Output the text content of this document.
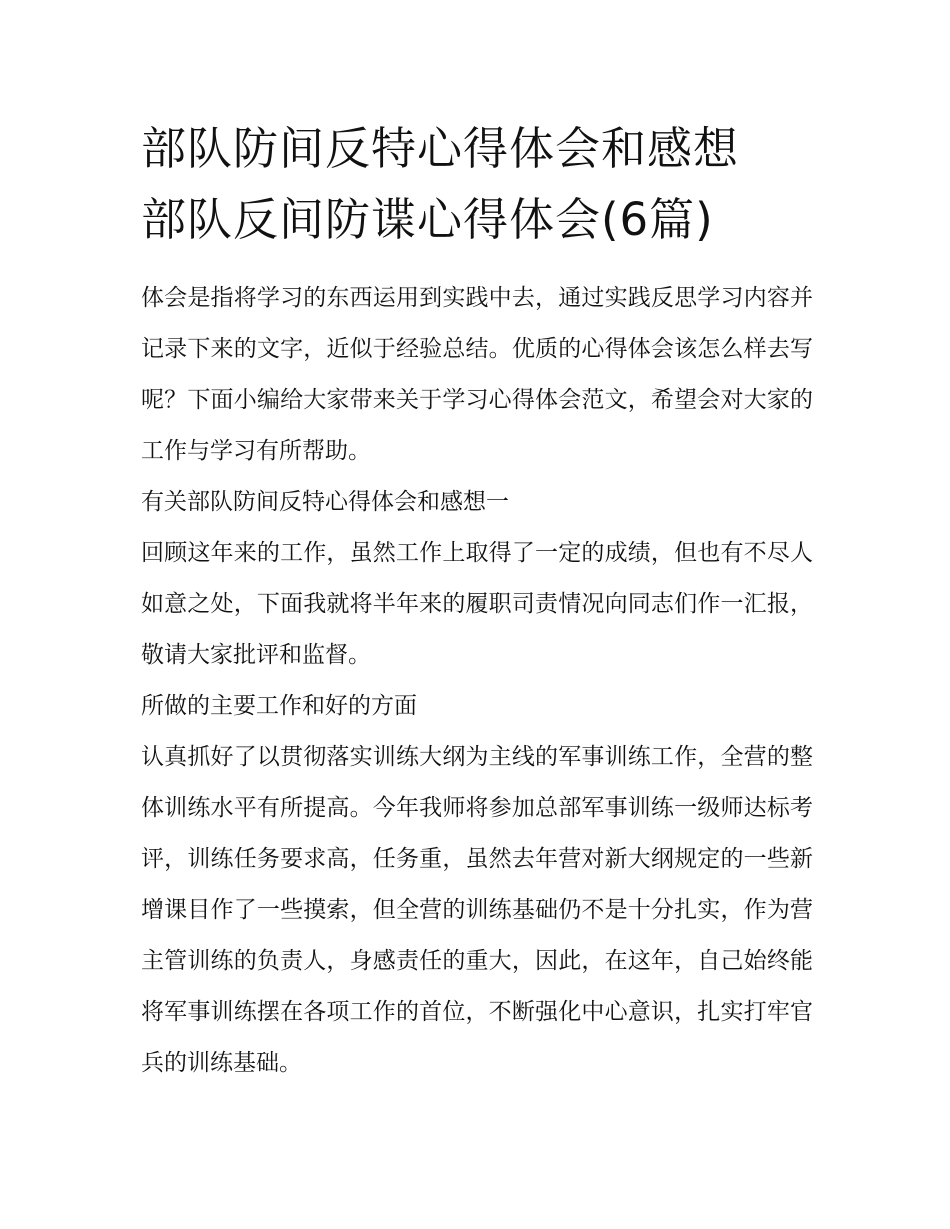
部队防间反特心得体会和感想
部队反间防谍心得体会(6篇)

体会是指将学习的东西运用到实践中去，通过实践反思学习内容并记录下来的文字，近似于经验总结。优质的心得体会该怎么样去写呢？下面小编给大家带来关于学习心得体会范文，希望会对大家的工作与学习有所帮助。

有关部队防间反特心得体会和感想一

回顾这年来的工作，虽然工作上取得了一定的成绩，但也有不尽人如意之处，下面我就将半年来的履职司责情况向同志们作一汇报，敬请大家批评和监督。

所做的主要工作和好的方面

认真抓好了以贯彻落实训练大纲为主线的军事训练工作，全营的整体训练水平有所提高。今年我师将参加总部军事训练一级师达标考评，训练任务要求高，任务重，虽然去年营对新大纲规定的一些新增课目作了一些摸索，但全营的训练基础仍不是十分扎实，作为营主管训练的负责人，身感责任的重大，因此，在这年，自己始终能将军事训练摆在各项工作的首位，不断强化中心意识，扎实打牢官兵的训练基础。
